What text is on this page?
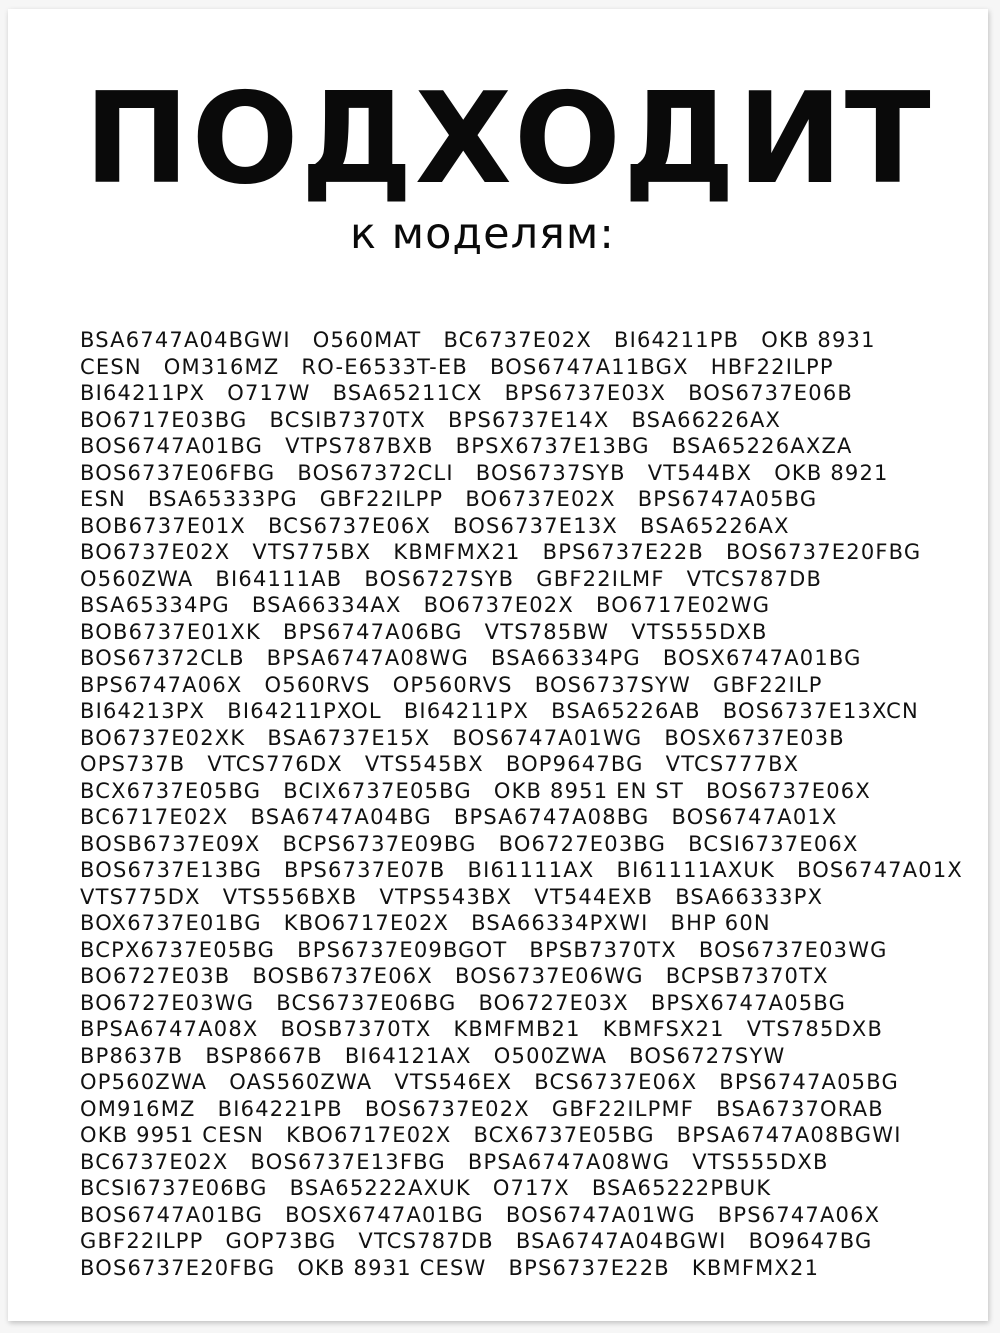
ПОДХОДИТ
к моделям:
BSA6747A04BGWI O560MAT BC6737E02X BI64211PB OKB 8931
CESN OM316MZ RO-E6533T-EB BOS6747A11BGX HBF22ILPP
BI64211PX O717W BSA65211CX BPS6737E03X BOS6737E06B
BO6717E03BG BCSIB7370TX BPS6737E14X BSA66226AX
BOS6747A01BG VTPS787BXB BPSX6737E13BG BSA65226AXZA
BOS6737E06FBG BOS67372CLI BOS6737SYB VT544BX OKB 8921
ESN BSA65333PG GBF22ILPP BO6737E02X BPS6747A05BG
BOB6737E01X BCS6737E06X BOS6737E13X BSA65226AX
BO6737E02X VTS775BX KBMFMX21 BPS6737E22B BOS6737E20FBG
O560ZWA BI64111AB BOS6727SYB GBF22ILMF VTCS787DB
BSA65334PG BSA66334AX BO6737E02X BO6717E02WG
BOB6737E01XK BPS6747A06BG VTS785BW VTS555DXB
BOS67372CLB BPSA6747A08WG BSA66334PG BOSX6747A01BG
BPS6747A06X O560RVS OP560RVS BOS6737SYW GBF22ILP
BI64213PX BI64211PXOL BI64211PX BSA65226AB BOS6737E13XCN
BO6737E02XK BSA6737E15X BOS6747A01WG BOSX6737E03B
OPS737B VTCS776DX VTS545BX BOP9647BG VTCS777BX
BCX6737E05BG BCIX6737E05BG OKB 8951 EN ST BOS6737E06X
BC6717E02X BSA6747A04BG BPSA6747A08BG BOS6747A01X
BOSB6737E09X BCPS6737E09BG BO6727E03BG BCSI6737E06X
BOS6737E13BG BPS6737E07B BI61111AX BI61111AXUK BOS6747A01X
VTS775DX VTS556BXB VTPS543BX VT544EXB BSA66333PX
BOX6737E01BG KBO6717E02X BSA66334PXWI BHP 60N
BCPX6737E05BG BPS6737E09BGOT BPSB7370TX BOS6737E03WG
BO6727E03B BOSB6737E06X BOS6737E06WG BCPSB7370TX
BO6727E03WG BCS6737E06BG BO6727E03X BPSX6747A05BG
BPSA6747A08X BOSB7370TX KBMFMB21 KBMFSX21 VTS785DXB
BP8637B BSP8667B BI64121AX O500ZWA BOS6727SYW
OP560ZWA OAS560ZWA VTS546EX BCS6737E06X BPS6747A05BG
OM916MZ BI64221PB BOS6737E02X GBF22ILPMF BSA6737ORAB
OKB 9951 CESN KBO6717E02X BCX6737E05BG BPSA6747A08BGWI
BC6737E02X BOS6737E13FBG BPSA6747A08WG VTS555DXB
BCSI6737E06BG BSA65222AXUK O717X BSA65222PBUK
BOS6747A01BG BOSX6747A01BG BOS6747A01WG BPS6747A06X
GBF22ILPP GOP73BG VTCS787DB BSA6747A04BGWI BO9647BG
BOS6737E20FBG OKB 8931 CESW BPS6737E22B KBMFMX21
